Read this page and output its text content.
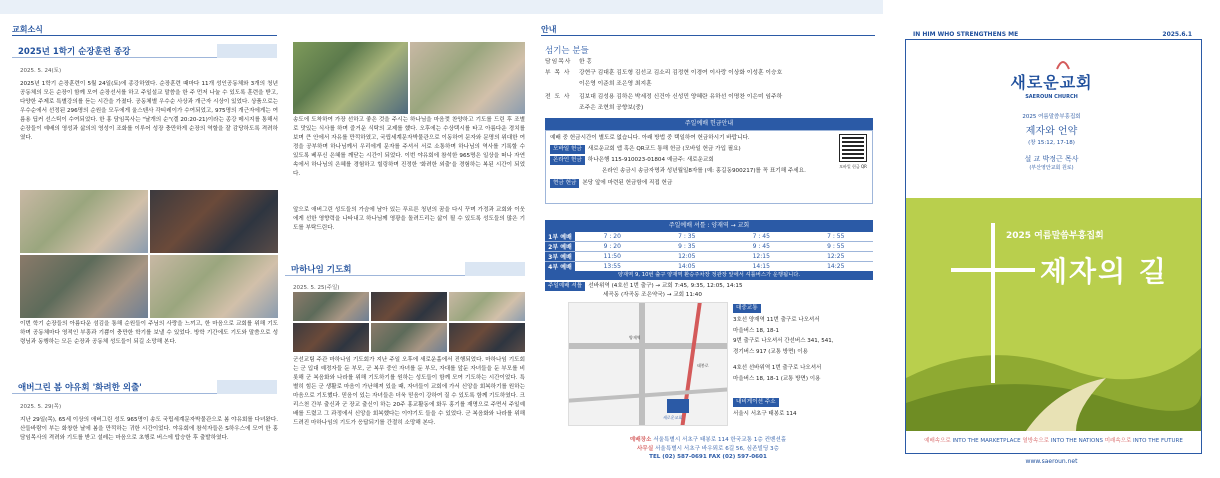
교회소식
2025년 1학기 순장훈련 종강
2025. 5. 24(토)
2025년 1학기 순장훈련이 5월 24일(토)에 종강하였다. 순장훈련 때마다 11개 성인공동체와 3개의 청년공동체의 모든 순장이 함께 모여 순장선서를 하고 주일설교 말씀을 한 주 먼저 나눌 수 있도록 훈련을 받고, 다양한 주제로 특별강의를 듣는 시간을 가졌다. 공동체별 우수순 사상과 개근자 시상이 있었다. 상품으로는 우수순에서 선정된 296명의 순원을 모두에게 울스텐사 각티레이가 수여되었고, 975명의 개근자에게는 여름용 딥커 선스틱이 수여되었다. 한 홍 담임목사는 "날개의 순"(겔 20:20-21)이라는 종강 메시지를 통해서 순장들이 예배의 영성과 삶의의 영성이 조화를 이루어 성장 충만하게 순장의 역할을 잘 감당하도록 격려하였다.
이번 학기 순장들의 아름다운 섬김을 통해 순원들이 주님의 사랑을 느끼고, 한 마음으로 교회를 위해 기도하며 공동체마다 영적인 부흥과 기쁨이 충만한 학기를 보낼 수 있었다. 방학 기간에도 기도와 말씀으로 성령님과 동행하는 모든 순장과 공동체 성도들이 되길 소망해 본다.
애버그린 봄 야유회 '화려한 외출'
2025. 5. 29(목)
지난 29일(목), 65세 이상의 애버그린 성도 965명이 송도 국립세계문자박물관으로 봄 야유회를 다녀왔다. 산들바람이 부는 화창한 날에 봄을 만끽하는 귀한 시간이었다. 야유회에 참석자들은 S하우스에 모여 한 홍 담임목사의 격려와 기도를 받고 설레는 마음으로 초행로 버스에 탑승한 후 출발하였다.
송도에 도착하여 가장 선하고 좋은 것을 주시는 하나님을 마음껏 찬양하고 기도를 드린 후 조별로 맛있는 식사를 하며 즐거운 식탁의 교제를 했다. 오후에는 수상택시를 타고 아름다운 경치를 보며 큰 안에서 자유를 만끽하였고, 국립세계문자박물관으로 이동하여 문자와 문명의 위대한 여정을 공부하며 하나님께서 우리에게 문자를 주셔서 서로 소통하며 하나님의 역사를 기록할 수 있도록 베푸신 은혜를 깨닫는 시간이 되었다. 이번 야유회에 참석한 965명은 일상을 떠나 자연 속에서 하나님의 은혜를 경험하고 힐링하며 진정한 '화려한 외출'을 경험하는 복된 시간이 되었다.
앞으로 애버그린 성도들의 가슴에 남아 있는 푸르른 청년의 꿈을 다시 꾸며 가정과 교회와 이웃에게 선한 영향력을 나타내고 하나님께 영광을 돌려드리는 삶이 될 수 있도록 성도들의 많은 기도를 부탁드린다.
마하나임 기도회
2025. 5. 25(주일)
군선교팀 주관 마하나임 기도회가 지난 주일 오후에 새로운홀에서 진행되었다. 마하나임 기도회는 군 입대 예정자들 둔 부모, 군 복무 중인 자녀를 둔 부모, 자대를 앞둔 자녀들을 둔 부모를 비롯해 군 복음화와 나라를 위해 기도하기를 원하는 성도들이 함께 모여 기도하는 시간이었다. 특별히 힘든 군 생활로 마음이 가난해져 있을 때, 자녀들이 교회에 가서 신앙을 회복하기를 원하는 마음으로 기도했다. 믿음이 있는 자녀들은 더욱 믿음이 강하여 질 수 있도록 함께 기도하였다. 크리스천 간부 출신과 군 장교 출신이 하는 20주 홍교활동에 화두 홍기를 재명으로 주면서 주일예배를 드렸고 그 과정에서 신앙을 회복했다는 이야기도 들을 수 있었다. 군 복음화와 나라를 위해 드려진 마하나임의 기도가 응답되기를 간절히 소망해 본다.
안내
섬기는 분들
담임목사 한 홍
부 목 사 강현구 김대훈 김도형 김선교 김소리 김정현 이경여 이사랑 이상화 이성훈 이승호
이은영 이준희 조은영 최지훈
전 도 사 김보대 김성용 김하은 박세정 신건아 신성민 양혜란 유하선 이명찬 이은미 임주하
조주은 조현희 공향보(중)
주일예배 헌금안내
예배 중 헌금시간이 별도로 없습니다. 아래 방법 중 택일하여 헌금하시기 바랍니다.
모바일 헌금 새로운교회 앱 혹은 QR코드 통해 헌금 (모바일 헌금 가입 필요)
온라인 헌금 하나은행 115-910023-01804 예금주: 새로운교회
온라인 송금시 송금자명과 성년월일8자를 (예: 홍길동900217)를 꼭 표기해 주세요.
현금 헌금 본당 앞에 마련된 헌금함에 직접 헌금
모바일 헌금 QR
주일예배 셔틀 : 양재역 → 교회
1부 예배	7 : 20	7 : 35	7 : 45	7 : 55
2부 예배	9 : 20	9 : 35	9 : 45	9 : 55
3부 예배	11:50	12:05	12:15	12:25
4부 예배	13:55	14:05	14:15	14:25
양재역 9, 10번 출구 양재역 환승주차장 정관장 앞에서 셔틀버스가 운행됩니다.
주일예배 셔틀 선바위역 (4호선 1번 출구) → 교회 7:45, 9:35, 12:05, 14:15
세곡동 (자곡동 조은약국) → 교회 11:40
양재역
새로운교회
태봉로
대중교통
3호선 양재역 11번 출구로 나오셔서
마을버스 18, 18-1
9번 출구로 나오셔서 간선버스 341, 541,
경기버스 917 (교통 방면) 이용
4호선 선바위역 1번 출구로 나오셔서
마을버스 18, 18-1 (교통 방면) 이용
내비게이션 주소
서울시 서초구 태봉로 114
예배장소 서울특별시 서초구 태봉로 114 한국교통 1층 컨벤션홀
사무실 서울특별시 서초구 바우뫼로 6길 56, 심존빌딩 3층
TEL (02) 587-0691 FAX (02) 597-0601
IN HIM WHO STRENGTHENS ME	2025.6.1
새로운교회
SAEROUN CHURCH
2025 여름말씀부흥집회
제자와 언약
(창 15:12, 17-18)
설 교 박정근 목사
(부산영안교회 원로)
2025 여름말씀부흥집회
제자의 길
예배속으로 INTO THE MARKETPLACE 열방속으로 INTO THE NATIONS 미래속으로 INTO THE FUTURE
www.saeroun.net
